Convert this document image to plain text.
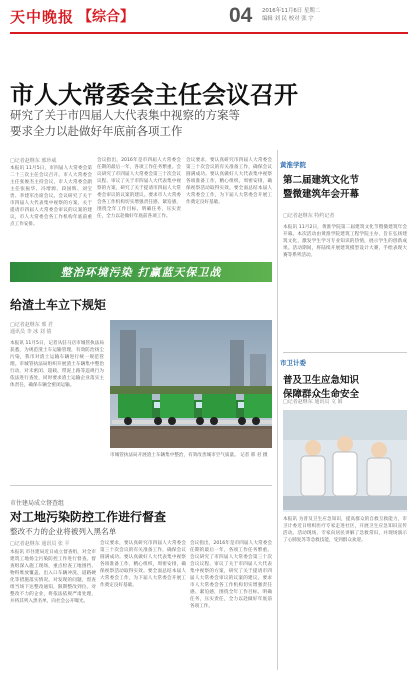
天中晚报 【综合】	04 2016年11月6日 星期二
编辑 刘 民 校对 张 宇
市人大常委会主任会议召开
研究了关于市四届人大代表集中视察的方案等
要求全力以赴做好年底前各项工作
□记者赵继东 邢珍威
本报讯 11月5日，市四届人大常委会第二十三次主任会议召开。市人大常委会主任张俊杰主持会议，市人大常委会副主任张振华、冯增源、段国辉、刘宝贵、李建军出席会议。会议研究了关于市四届人大代表集中视察的方案、关于提请市四届人大常委会审议的议案的建议，市人大常委会各工作机构年底前重点工作安排。
会议指出，2016年是市四届人大常委会任期的最后一年，各项工作任务繁重。会议研究了市四届人大常委会第三十次会议议程、审议了关于市四届人大代表集中视察的方案，研究了关于提请市四届人大常委会审议的议案的建议。要求市人大常委会各工作机构切实增强责任感、紧迫感，围绕全年工作目标，明确任务，压实责任，全力以赴做好年底前各项工作。
会议要求，要认真研究市四届人大常委会第三十次会议的有关准备工作，确保会议圆满成功。要认真做好人大代表集中视察各项准备工作，精心组织，周密安排，确保视察活动取得实效。要全面总结本届人大常委会工作，为下届人大常委会开展工作奠定良好基础。
整治环境污染 打赢蓝天保卫战
给渣土车立下规矩
□记者赵继东 邢 君
通讯员 李 冰 刘 倩
本报讯 11月5日，记者从驻马店市城管执法局获悉，为规范渣土车运输管理，有效防治扬尘污染，我市对渣土运输车辆进行统一规范管理。市城管执法局组织开展渣土车辆集中整治行动，对未密闭、超载、带泥上路等违规行为依法进行查处，同时要求渣土运输企业落实主体责任，确保车辆全密闭运输。
市城管执法局开展渣土车辆集中整治，有效改善城市空气质量。 记者 邢 君 摄
市住建局成立督查组
对工地污染防控工作进行督查
整改不力的企业将被列入黑名单
□记者赵继东 通讯员 张 平
本报讯 市住建局近日成立督查组，对全市建筑工地扬尘污染防控工作进行督查。督查组深入施工现场，重点检查工地围挡、物料堆放覆盖、出入口车辆冲洗、道路硬化等措施落实情况。对发现的问题，督查组当场下达整改通知，限期整改到位。对整改不力的企业，将依法依规严肃处理，并将其列入黑名单，向社会公开曝光。
会议要求，要认真研究市四届人大常委会第三十次会议的有关准备工作，确保会议圆满成功。要认真做好人大代表集中视察各项准备工作，精心组织，周密安排，确保视察活动取得实效。要全面总结本届人大常委会工作，为下届人大常委会开展工作奠定良好基础。
会议指出，2016年是市四届人大常委会任期的最后一年，各项工作任务繁重。会议研究了市四届人大常委会第三十次会议议程、审议了关于市四届人大代表集中视察的方案，研究了关于提请市四届人大常委会审议的议案的建议。要求市人大常委会各工作机构切实增强责任感、紧迫感，围绕全年工作目标，明确任务，压实责任，全力以赴做好年底前各项工作。
黄淮学院
第二届建筑文化节
暨微建筑年会开幕
□记者赵继东 特约记者
本报讯 11月2日，黄淮学院第二届建筑文化节暨微建筑年会开幕。本次活动由黄淮学院建筑工程学院主办，旨在弘扬建筑文化，激发学生学习专业知识的热情，展示学生的创新成果。活动期间，将陆续开展建筑模型设计大赛、手绘表现大赛等系列活动。
市卫计委
普及卫生应急知识
保障群众生命安全
□记者赵继东 通讯员 文 娟
本报讯 为普及卫生应急知识，提高群众的自救互救能力，市卫计委近日组织医疗专家走进社区，开展卫生应急知识宣传活动。活动现场，专家向居民讲解了急救常识，并现场演示了心肺复苏等急救技能，受到群众欢迎。
